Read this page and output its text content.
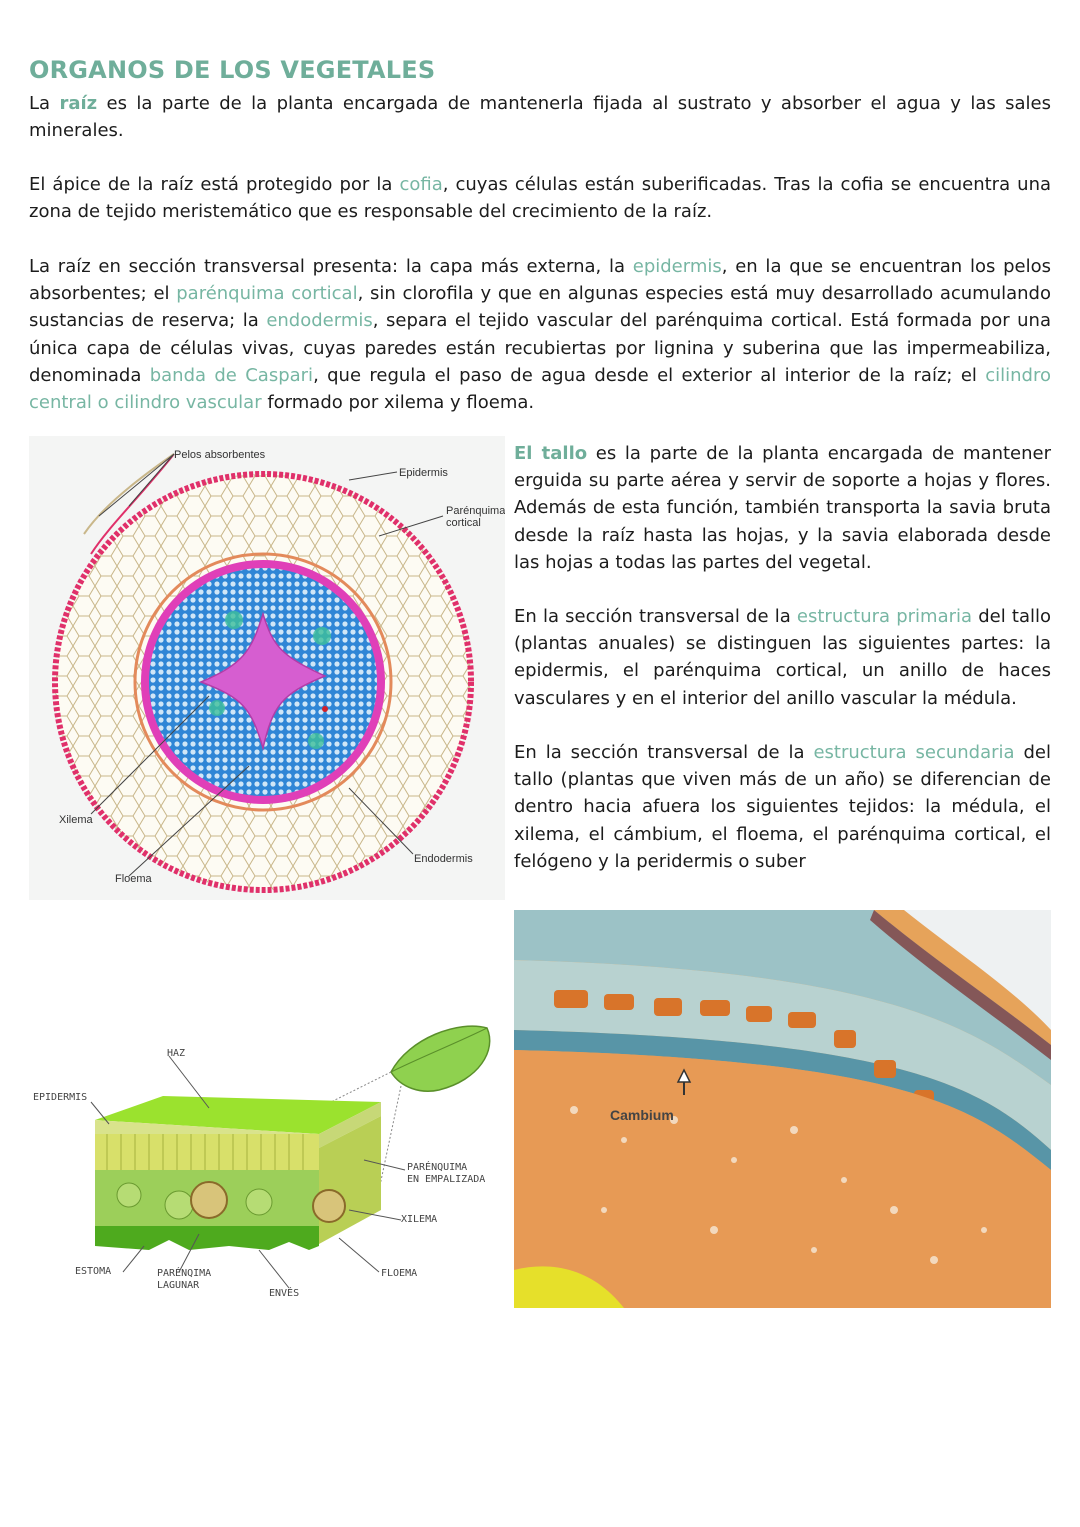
ORGANOS DE LOS VEGETALES
La raíz es la parte de la planta encargada de mantenerla fijada al sustrato y absorber el agua y las sales minerales.
El ápice de la raíz está protegido por la cofia, cuyas células están suberificadas. Tras la cofia se encuentra una zona de tejido meristemático que es responsable del crecimiento de la raíz.
La raíz en sección transversal presenta: la capa más externa, la epidermis, en la que se encuentran los pelos absorbentes; el parénquima cortical, sin clorofila y que en algunas especies está muy desarrollado acumulando sustancias de reserva; la endodermis, separa el tejido vascular del parénquima cortical. Está formada por una única capa de células vivas, cuyas paredes están recubiertas por lignina y suberina que las impermeabiliza, denominada banda de Caspari, que regula el paso de agua desde el exterior al interior de la raíz; el cilindro central o cilindro vascular formado por xilema y floema.
Pelos absorbentes
Epidermis
Parénquima
cortical
Xilema
Floema
Endodermis
El tallo es la parte de la planta encargada de mantener erguida su parte aérea y servir de soporte a hojas y flores. Además de esta función, también transporta la savia bruta desde la raíz hasta las hojas, y la savia elaborada desde las hojas a todas las partes del vegetal.
En la sección transversal de la estructura primaria del tallo (plantas anuales) se distinguen las siguientes partes: la epidermis, el parénquima cortical, un anillo de haces vasculares y en el interior del anillo vascular la médula.
En la sección transversal de la estructura secundaria del tallo (plantas que viven más de un año) se diferencian de dentro hacia afuera los siguientes tejidos: la médula, el xilema, el cámbium, el floema, el parénquima cortical, el felógeno y la peridermis o suber
HAZ
EPIDERMIS
PARÉNQUIMA
EN EMPALIZADA
XILEMA
ESTOMA	PARÉNQIMA
LAGUNAR
ENVÉS
FLOEMA
Cambium
